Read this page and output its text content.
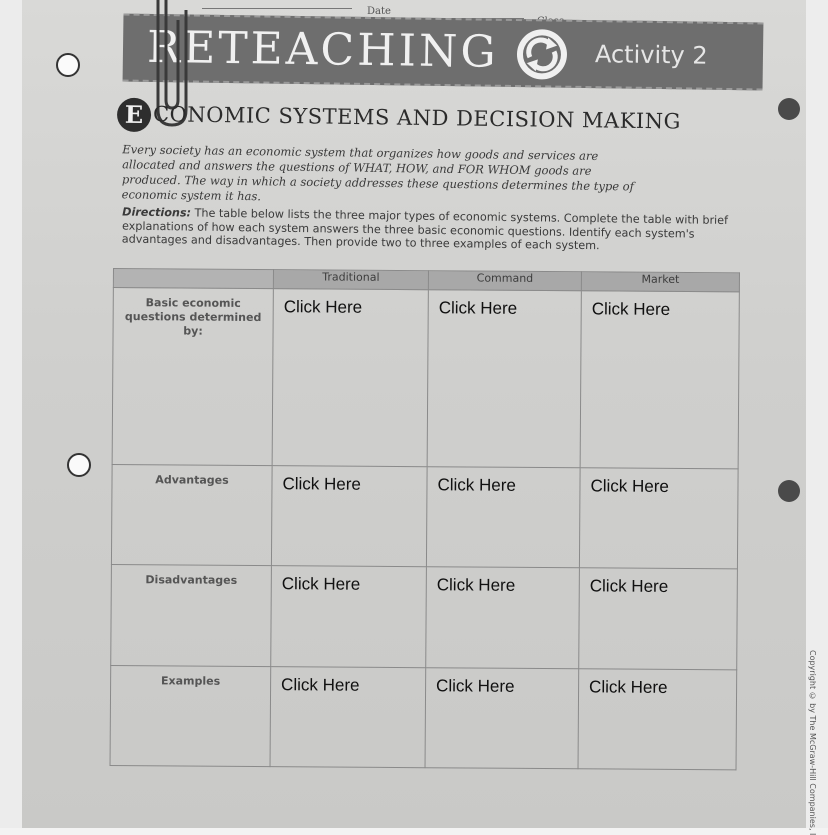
Date
RETEACHING	Activity 2
E CONOMIC SYSTEMS AND DECISION MAKING
Every society has an economic system that organizes how goods and services are allocated and answers the questions of WHAT, HOW, and FOR WHOM goods are produced. The way in which a society addresses these questions determines the type of economic system it has.
Directions: The table below lists the three major types of economic systems. Complete the table with brief explanations of how each system answers the three basic economic questions. Identify each system's advantages and disadvantages. Then provide two to three examples of each system.
	Traditional	Command	Market
Basic economic questions determined by:	Click Here	Click Here	Click Here
Advantages	Click Here	Click Here	Click Here
Disadvantages	Click Here	Click Here	Click Here
Examples	Click Here	Click Here	Click Here	Copyright © by The McGraw-Hill Companies, I
